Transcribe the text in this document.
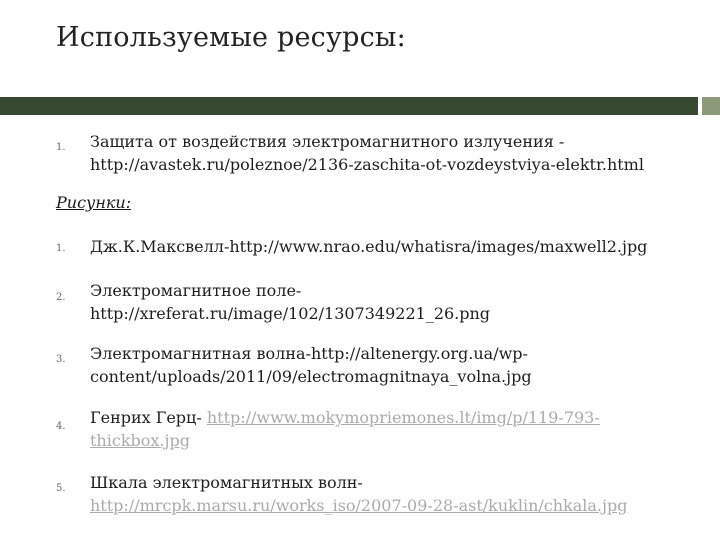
Используемые ресурсы:
1. Защита от воздействия электромагнитного излучения -
http://avastek.ru/poleznoe/2136-zaschita-ot-vozdeystviya-elektr.html
Рисунки:
1. Дж.К.Максвелл-http://www.nrao.edu/whatisra/images/maxwell2.jpg
2. Электромагнитное поле-
http://xreferat.ru/image/102/1307349221_26.png
3. Электромагнитная волна-http://altenergy.org.ua/wp-
content/uploads/2011/09/electromagnitnaya_volna.jpg
4. Генрих Герц- http://www.mokymopriemones.lt/img/p/119-793-
thickbox.jpg
5. Шкала электромагнитных волн-
http://mrcpk.marsu.ru/works_iso/2007-09-28-ast/kuklin/chkala.jpg
